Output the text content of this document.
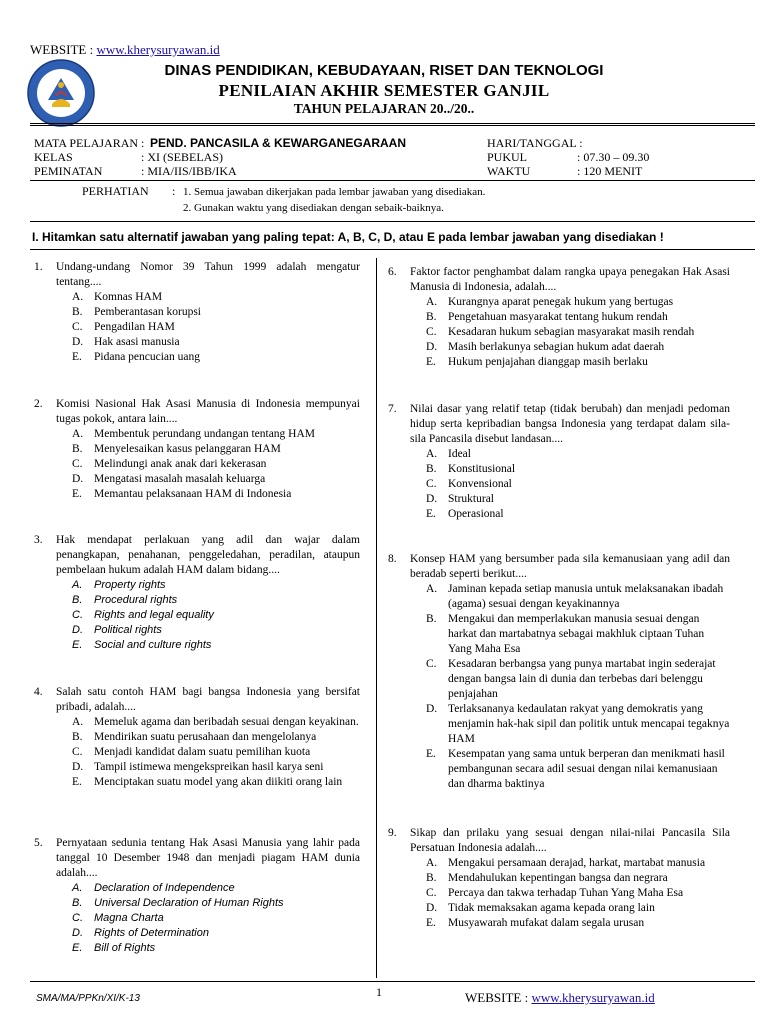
WEBSITE : www.kherysuryawan.id
DINAS PENDIDIKAN, KEBUDAYAAN, RISET DAN TEKNOLOGI
PENILAIAN AKHIR SEMESTER GANJIL
TAHUN PELAJARAN 20../20..
MATA PELAJARAN : PEND. PANCASILA & KEWARGANEGARAAN
KELAS	: XI (SEBELAS)
PEMINATAN	: MIA/IIS/IBB/IKA
HARI/TANGGAL :
PUKUL	: 07.30 – 09.30
WAKTU	: 120 MENIT
PERHATIAN : 1. Semua jawaban dikerjakan pada lembar jawaban yang disediakan.
2. Gunakan waktu yang disediakan dengan sebaik-baiknya.
I. Hitamkan satu alternatif jawaban yang paling tepat: A, B, C, D, atau E pada lembar jawaban yang disediakan !
1. Undang-undang Nomor 39 Tahun 1999 adalah mengatur tentang....
A. Komnas HAM
B. Pemberantasan korupsi
C. Pengadilan HAM
D. Hak asasi manusia
E.	Pidana pencucian uang
2. Komisi Nasional Hak Asasi Manusia di Indonesia mempunyai tugas pokok, antara lain....
A. Membentuk perundang undangan tentang HAM
B. Menyelesaikan kasus pelanggaran HAM
C. Melindungi anak anak dari kekerasan
D. Mengatasi masalah masalah keluarga
E.	Memantau pelaksanaan HAM di Indonesia
3. Hak mendapat perlakuan yang adil dan wajar dalam penangkapan, penahanan, penggeledahan, peradilan, ataupun pembelaan hukum adalah HAM dalam bidang....
A.	Property rights
B.	Procedural rights
C.	Rights and legal equality
D.	Political rights
E.	Social and culture rights
4. Salah satu contoh HAM bagi bangsa Indonesia yang bersifat pribadi, adalah....
A. Memeluk agama dan beribadah sesuai dengan keyakinan.
B. Mendirikan suatu perusahaan dan mengelolanya
C. Menjadi kandidat dalam suatu pemilihan kuota
D. Tampil istimewa mengekspreikan hasil karya seni
E.	Menciptakan suatu model yang akan diikiti orang lain
5. Pernyataan sedunia tentang Hak Asasi Manusia yang lahir pada tanggal 10 Desember 1948 dan menjadi piagam HAM dunia adalah....
A.	Declaration of Independence
B.	Universal Declaration of Human Rights
C.	Magna Charta
D.	Rights of Determination
E.	Bill of Rights
6. Faktor factor penghambat dalam rangka upaya penegakan Hak Asasi Manusia di Indonesia, adalah....
A. Kurangnya aparat penegak hukum yang bertugas
B. Pengetahuan masyarakat tentang hukum rendah
C. Kesadaran hukum sebagian masyarakat masih rendah
D. Masih berlakunya sebagian hukum adat daerah
E.	Hukum penjajahan dianggap masih berlaku
7. Nilai dasar yang relatif tetap (tidak berubah) dan menjadi pedoman hidup serta kepribadian bangsa Indonesia yang terdapat dalam sila-sila Pancasila disebut landasan....
A. Ideal
B. Konstitusional
C. Konvensional
D. Struktural
E.	Operasional
8. Konsep HAM yang bersumber pada sila kemanusiaan yang adil dan beradab seperti berikut....
A. Jaminan kepada setiap manusia untuk melaksanakan ibadah (agama) sesuai dengan keyakinannya
B. Mengakui dan memperlakukan manusia sesuai dengan harkat dan martabatnya sebagai makhluk ciptaan Tuhan Yang Maha Esa
C. Kesadaran berbangsa yang punya martabat ingin sederajat dengan bangsa lain di dunia dan terbebas dari belenggu penjajahan
D. Terlaksananya kedaulatan rakyat yang demokratis yang menjamin hak-hak sipil dan politik untuk mencapai tegaknya HAM
E.	Kesempatan yang sama untuk berperan dan menikmati hasil pembangunan secara adil sesuai dengan nilai kemanusiaan dan dharma baktinya
9. Sikap dan prilaku yang sesuai dengan nilai-nilai Pancasila Sila Persatuan Indonesia adalah....
A. Mengakui persamaan derajad, harkat, martabat manusia
B. Mendahulukan kepentingan bangsa dan negrara
C. Percaya dan takwa terhadap Tuhan Yang Maha Esa
D. Tidak memaksakan agama kepada orang lain
E.	Musyawarah mufakat dalam segala urusan
SMA/MA/PPKn/XI/K-13	1	WEBSITE : www.kherysuryawan.id
